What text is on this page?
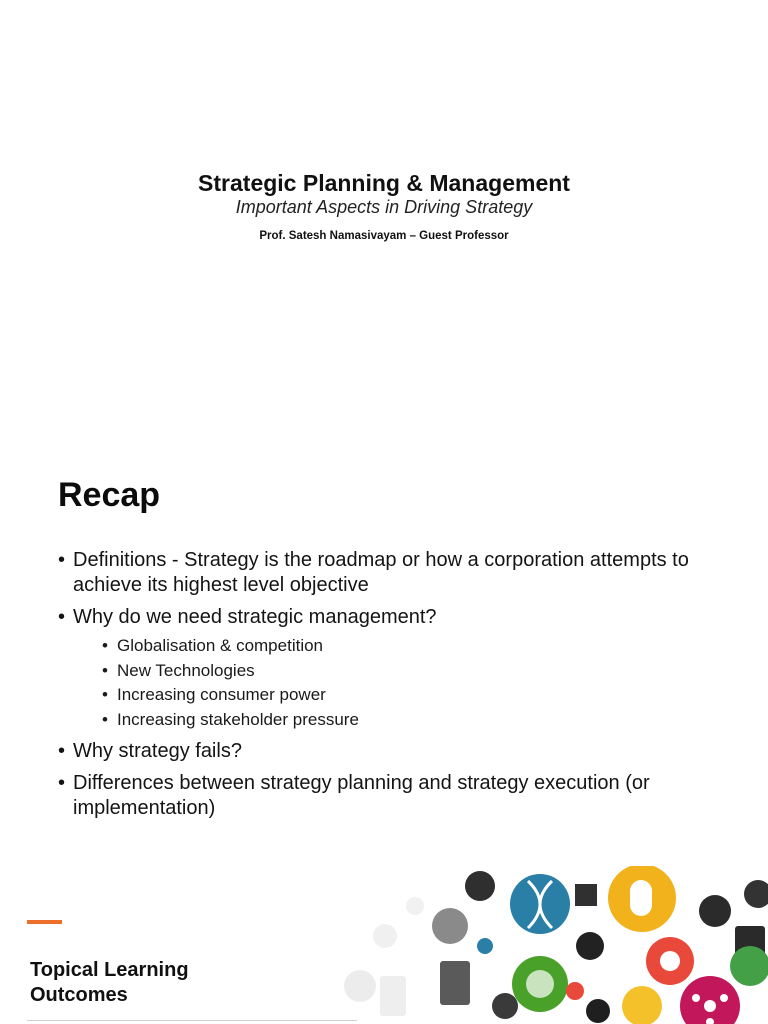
Strategic Planning & Management
Important Aspects in Driving Strategy
Prof. Satesh Namasivayam – Guest Professor
Recap
• Definitions - Strategy is the roadmap or how a corporation attempts to achieve its highest level objective
• Why do we need strategic management?
• Globalisation & competition
• New Technologies
• Increasing consumer power
• Increasing stakeholder pressure
• Why strategy fails?
• Differences between strategy planning and strategy execution (or implementation)
Topical Learning Outcomes
